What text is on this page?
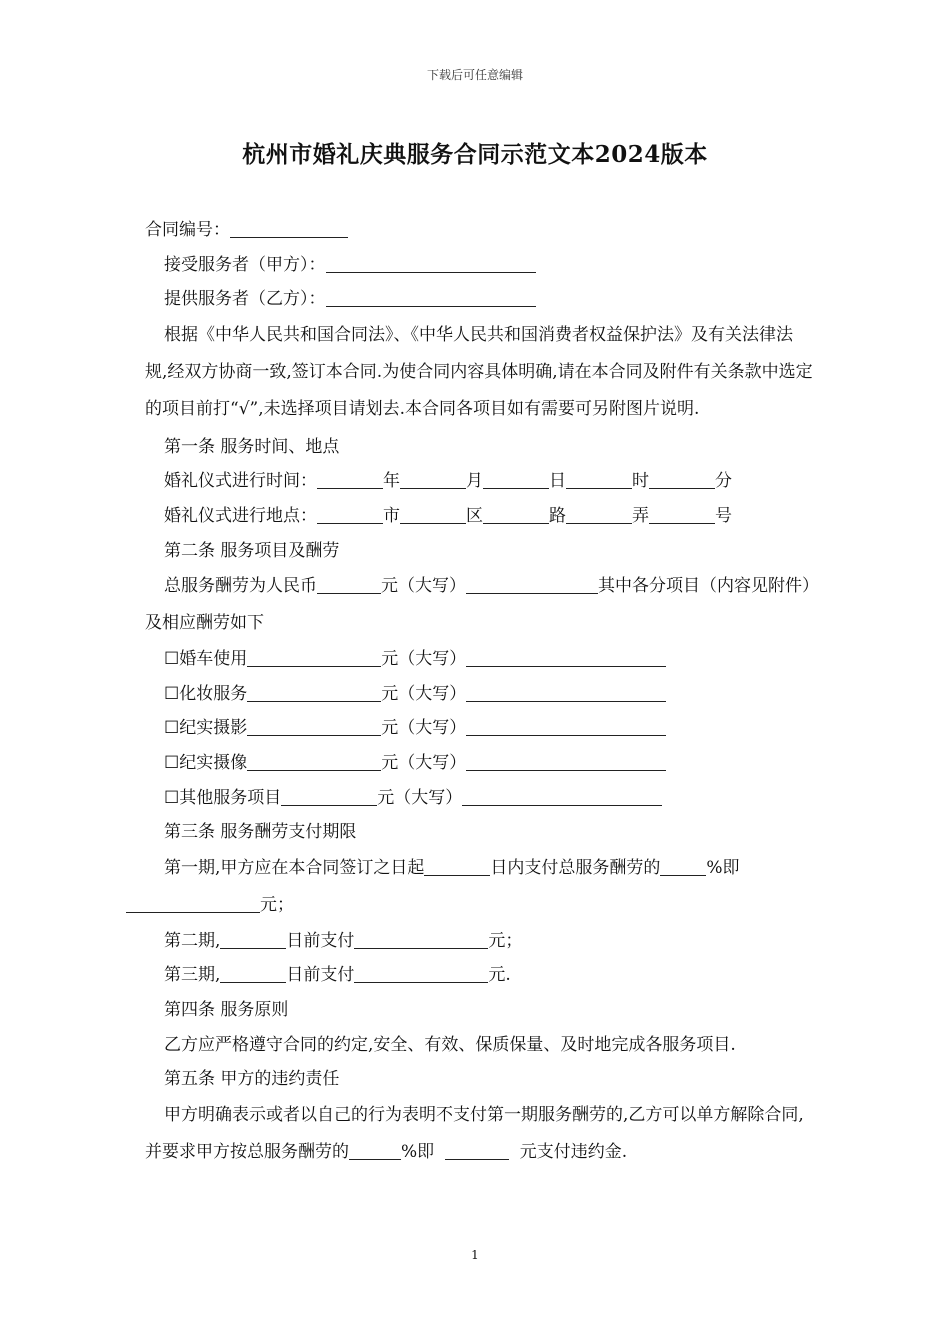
下载后可任意编辑
杭州市婚礼庆典服务合同示范文本2024版本
合同编号：
接受服务者（甲方）：
提供服务者（乙方）：
根据《中华人民共和国合同法》、《中华人民共和国消费者权益保护法》及有关法律法规,经双方协商一致,签订本合同.为使合同内容具体明确,请在本合同及附件有关条款中选定的项目前打“√”,未选择项目请划去.本合同各项目如有需要可另附图片说明.
第一条 服务时间、地点
婚礼仪式进行时间：	年	月	日	时	分
婚礼仪式进行地点：	市	区	路	弄	号
第二条 服务项目及酬劳
总服务酬劳为人民币	元（大写）	其中各分项目（内容见附件）及相应酬劳如下
☐婚车使用	元（大写）
☐化妆服务	元（大写）
☐纪实摄影	元（大写）
☐纪实摄像	元（大写）
☐其他服务项目	元（大写）
第三条 服务酬劳支付期限
第一期,甲方应在本合同签订之日起	日内支付总服务酬劳的	%即
元；
第二期,	日前支付	元；
第三期,	日前支付	元.
第四条 服务原则
乙方应严格遵守合同的约定,安全、有效、保质保量、及时地完成各服务项目.
第五条 甲方的违约责任
甲方明确表示或者以自己的行为表明不支付第一期服务酬劳的,乙方可以单方解除合同,并要求甲方按总服务酬劳的	%即	元支付违约金.
1
